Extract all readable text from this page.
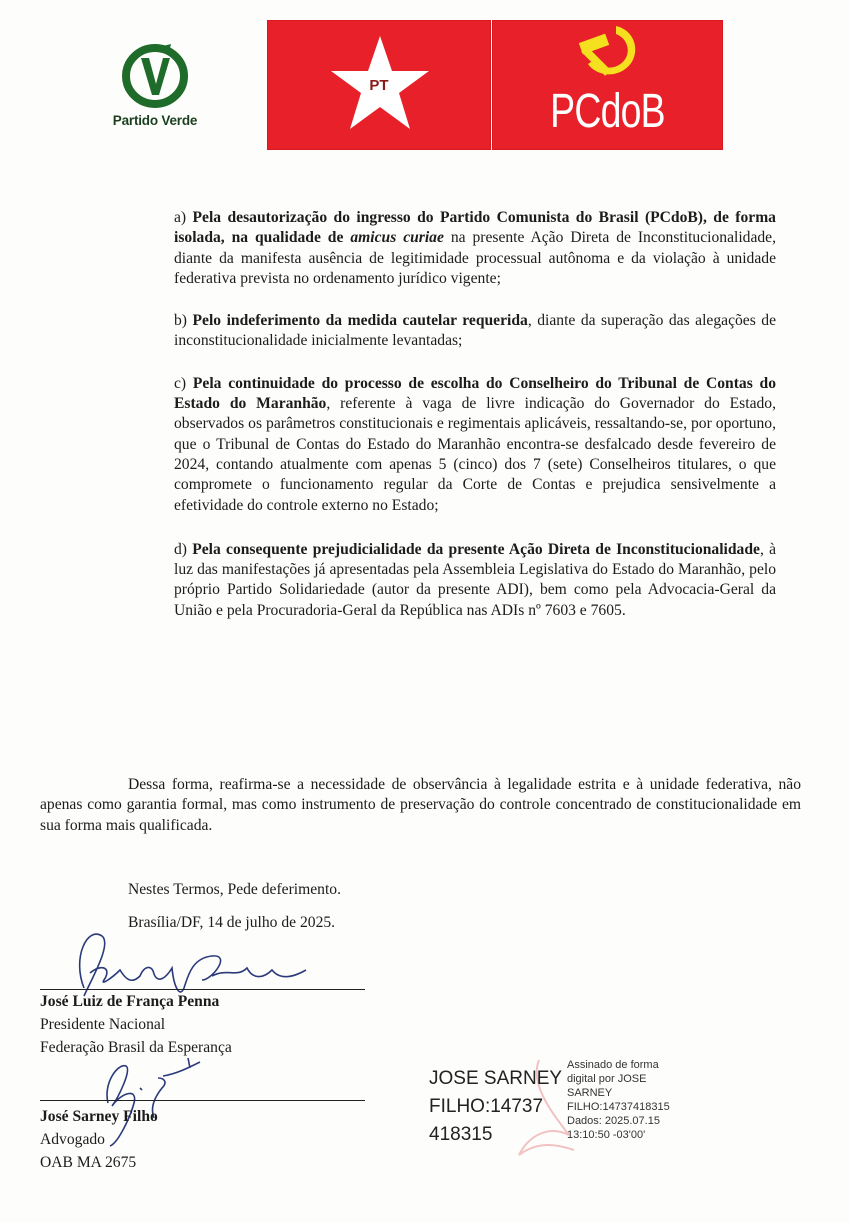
Partido Verde
PT	PCdoB

a) Pela desautorização do ingresso do Partido Comunista do Brasil (PCdoB), de forma isolada, na qualidade de amicus curiae na presente Ação Direta de Inconstitucionalidade, diante da manifesta ausência de legitimidade processual autônoma e da violação à unidade federativa prevista no ordenamento jurídico vigente;

b) Pelo indeferimento da medida cautelar requerida, diante da superação das alegações de inconstitucionalidade inicialmente levantadas;

c) Pela continuidade do processo de escolha do Conselheiro do Tribunal de Contas do Estado do Maranhão, referente à vaga de livre indicação do Governador do Estado, observados os parâmetros constitucionais e regimentais aplicáveis, ressaltando-se, por oportuno, que o Tribunal de Contas do Estado do Maranhão encontra-se desfalcado desde fevereiro de 2024, contando atualmente com apenas 5 (cinco) dos 7 (sete) Conselheiros titulares, o que compromete o funcionamento regular da Corte de Contas e prejudica sensivelmente a efetividade do controle externo no Estado;

d) Pela consequente prejudicialidade da presente Ação Direta de Inconstitucionalidade, à luz das manifestações já apresentadas pela Assembleia Legislativa do Estado do Maranhão, pelo próprio Partido Solidariedade (autor da presente ADI), bem como pela Advocacia-Geral da União e pela Procuradoria-Geral da República nas ADIs nº 7603 e 7605.

Dessa forma, reafirma-se a necessidade de observância à legalidade estrita e à unidade federativa, não apenas como garantia formal, mas como instrumento de preservação do controle concentrado de constitucionalidade em sua forma mais qualificada.

Nestes Termos, Pede deferimento.
Brasília/DF, 14 de julho de 2025.
José Luiz de França Penna
Presidente Nacional
Federação Brasil da Esperança
José Sarney Filho
Advogado
OAB MA 2675
JOSE SARNEY
FILHO:14737
418315
Assinado de forma
digital por JOSE
SARNEY
FILHO:14737418315
Dados: 2025.07.15
13:10:50 -03'00'
